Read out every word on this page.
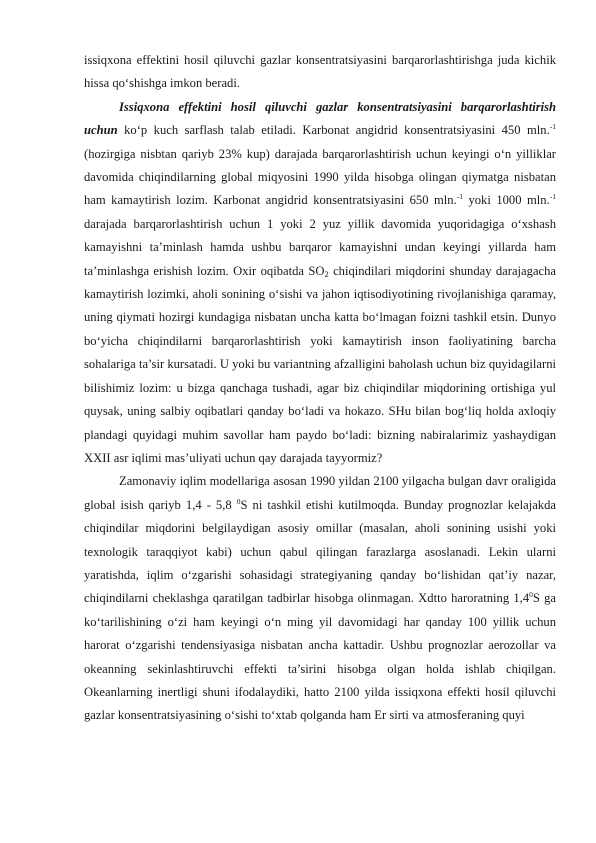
issiqxona effektini hosil qiluvchi gazlar konsentratsiyasini barqarorlashtirishga juda kichik hissa qo‘shishga imkon beradi.

Issiqxona effektini hosil qiluvchi gazlar konsentratsiyasini barqarorlashtirish uchun ko‘p kuch sarflash talab etiladi. Karbonat angidrid konsentratsiyasini 450 mln.$^{-1}$ (hozirgiga nisbtan qariyb 23% kup) darajada barqarorlashtirish uchun keyingi o‘n yilliklar davomida chiqindilarning global miqyosini 1990 yilda hisobga olingan qiymatga nisbatan ham kamaytirish lozim. Karbonat angidrid konsentratsiyasini 650 mln.$^{-1}$ yoki 1000 mln.$^{-1}$ darajada barqarorlashtirish uchun 1 yoki 2 yuz yillik davomida yuqoridagiga o‘xshash kamayishni ta’minlash hamda ushbu barqaror kamayishni undan keyingi yillarda ham ta’minlashga erishish lozim. Oxir oqibatda $SO_2$ chiqindilari miqdorini shunday darajagacha kamaytirish lozimki, aholi sonining o‘sishi va jahon iqtisodiyotining rivojlanishiga qaramay, uning qiymati hozirgi kundagiga nisbatan uncha katta bo‘lmagan foizni tashkil etsin. Dunyo bo‘yicha chiqindilarni barqarorlashtirish yoki kamaytirish inson faoliyatining barcha sohalariga ta’sir kursatadi. U yoki bu variantning afzalligini baholash uchun biz quyidagilarni bilishimiz lozim: u bizga qanchaga tushadi, agar biz chiqindilar miqdorining ortishiga yul quysak, uning salbiy oqibatlari qanday bo‘ladi va hokazo. SHu bilan bog‘liq holda axloqiy plandagi quyidagi muhim savollar ham paydo bo‘ladi: bizning nabiralarimiz yashaydigan XXII asr iqlimi mas’uliyati uchun qay darajada tayyormiz?

Zamonaviy iqlim modellariga asosan 1990 yildan 2100 yilgacha bulgan davr oraligida global isish qariyb 1,4 - 5,8 $^0$S ni tashkil etishi kutilmoqda. Bunday prognozlar kelajakda chiqindilar miqdorini belgilaydigan asosiy omillar (masalan, aholi sonining usishi yoki texnologik taraqqiyot kabi) uchun qabul qilingan farazlarga asoslanadi. Lekin ularni yaratishda, iqlim o‘zgarishi sohasidagi strategiyaning qanday bo‘lishidan qat’iy nazar, chiqindilarni cheklashga qaratilgan tadbirlar hisobga olinmagan. Xdtto haroratning $1,4^0S$ ga ko‘tarilishining o‘zi ham keyingi o‘n ming yil davomidagi har qanday 100 yillik uchun harorat o‘zgarishi tendensiyasiga nisbatan ancha kattadir. Ushbu prognozlar aerozollar va okeanning sekinlashtiruvchi effekti ta’sirini hisobga olgan holda ishlab chiqilgan. Okeanlarning inertligi shuni ifodalaydiki, hatto 2100 yilda issiqxona effekti hosil qiluvchi gazlar konsentratsiyasining o‘sishi to‘xtab qolganda ham Er sirti va atmosferaning quyi
